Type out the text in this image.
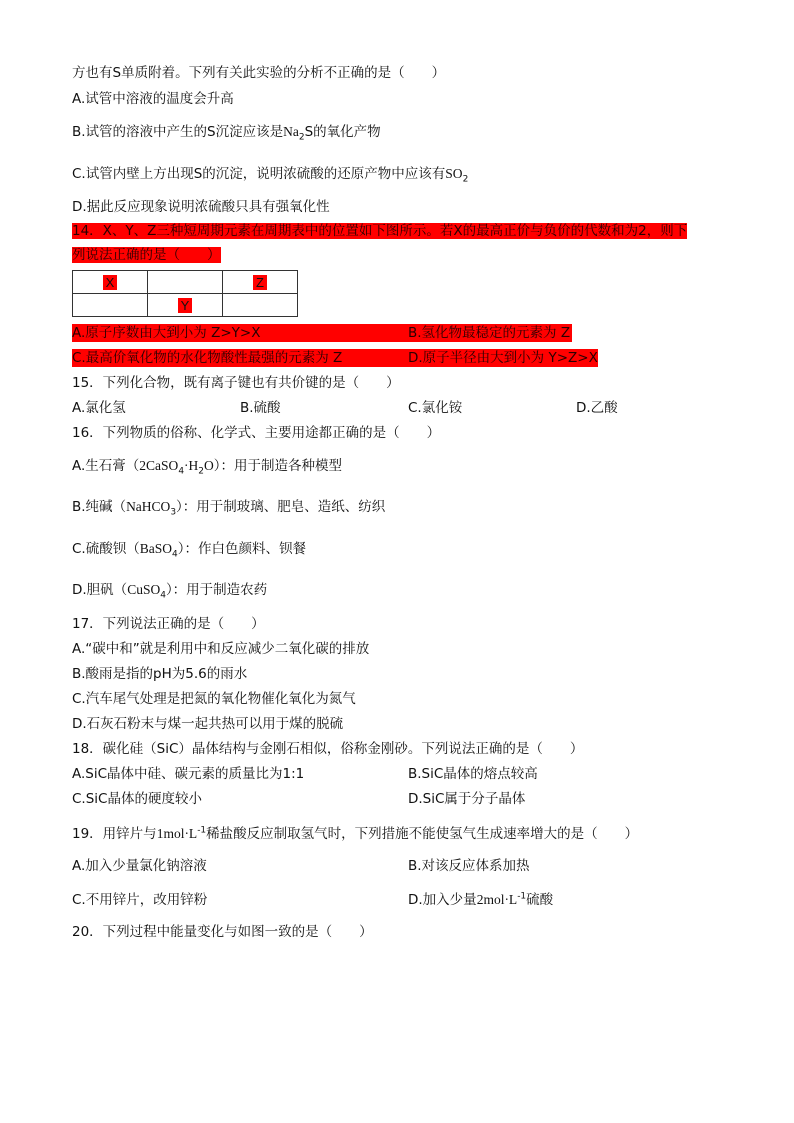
方也有S单质附着。下列有关此实验的分析不正确的是（　　）
A.试管中溶液的温度会升高
B.试管的溶液中产生的S沉淀应该是$Na_2S$的氧化产物
C.试管内壁上方出现S的沉淀，说明浓硫酸的还原产物中应该有$SO_2$
D.据此反应现象说明浓硫酸只具有强氧化性
14．X、Y、Z三种短周期元素在周期表中的位置如下图所示。若X的最高正价与负价的代数和为2，则下
列说法正确的是（　　）
X		Z
	Y	
A.原子序数由大到小为 Z>Y>X	B.氢化物最稳定的元素为 Z
C.最高价氧化物的水化物酸性最强的元素为 Z	D.原子半径由大到小为 Y>Z>X
15．下列化合物，既有离子键也有共价键的是（　　）
A.氯化氢	B.硫酸	C.氯化铵	D.乙酸
16．下列物质的俗称、化学式、主要用途都正确的是（　　）
A.生石膏$(2CaSO_4\cdot H_2O)$：用于制造各种模型
B.纯碱（NaHCO$_3$）：用于制玻璃、肥皂、造纸、纺织
C.硫酸钡（BaSO$_4$）：作白色颜料、钡餐
D.胆矾（CuSO$_4$）：用于制造农药
17．下列说法正确的是（　　）
A.“碳中和”就是利用中和反应减少二氧化碳的排放
B.酸雨是指的pH为5.6的雨水
C.汽车尾气处理是把氮的氧化物催化氧化为氮气
D.石灰石粉末与煤一起共热可以用于煤的脱硫
18．碳化硅（SiC）晶体结构与金刚石相似，俗称金刚砂。下列说法正确的是（　　）
A.SiC晶体中硅、碳元素的质量比为1:1	B.SiC晶体的熔点较高
C.SiC晶体的硬度较小	D.SiC属于分子晶体
19．用锌片与$1mol\cdot L^{-1}$稀盐酸反应制取氢气时，下列措施不能使氢气生成速率增大的是（　　）
A.加入少量氯化钠溶液	B.对该反应体系加热
C.不用锌片，改用锌粉	D.加入少量$2mol\cdot L^{-1}$硫酸
20．下列过程中能量变化与如图一致的是（　　）
